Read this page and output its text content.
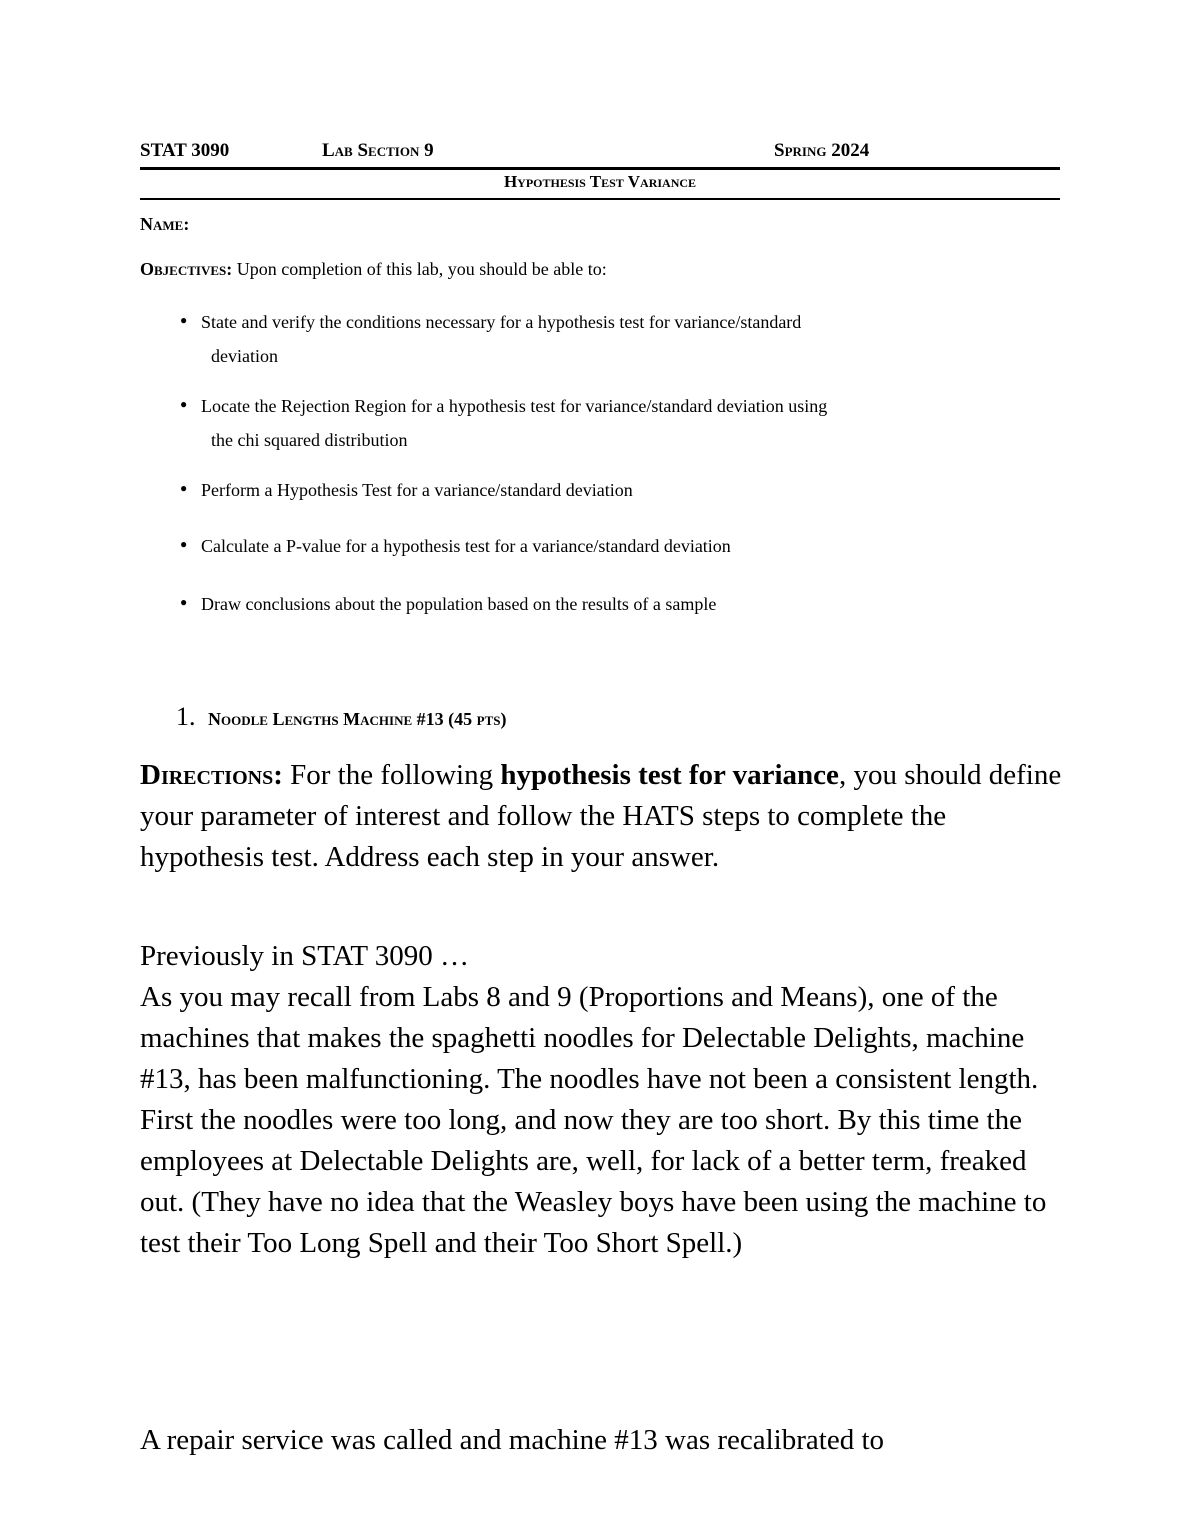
STAT 3090	Lab Section 9	Spring 2024
Hypothesis Test Variance
Name:
Objectives: Upon completion of this lab, you should be able to:
● State and verify the conditions necessary for a hypothesis test for variance/standard
deviation
● Locate the Rejection Region for a hypothesis test for variance/standard deviation using
the chi squared distribution
● Perform a Hypothesis Test for a variance/standard deviation
● Calculate a P-value for a hypothesis test for a variance/standard deviation
● Draw conclusions about the population based on the results of a sample
1. Noodle Lengths Machine #13 (45 pts)

Directions: For the following hypothesis test for variance, you should define your parameter of interest and follow the HATS steps to complete the hypothesis test. Address each step in your answer.

Previously in STAT 3090 …

As you may recall from Labs 8 and 9 (Proportions and Means), one of the machines that makes the spaghetti noodles for Delectable Delights, machine #13, has been malfunctioning. The noodles have not been a consistent length. First the noodles were too long, and now they are too short. By this time the employees at Delectable Delights are, well, for lack of a better term, freaked out. (They have no idea that the Weasley boys have been using the machine to test their Too Long Spell and their Too Short Spell.)

A repair service was called and machine #13 was recalibrated to
